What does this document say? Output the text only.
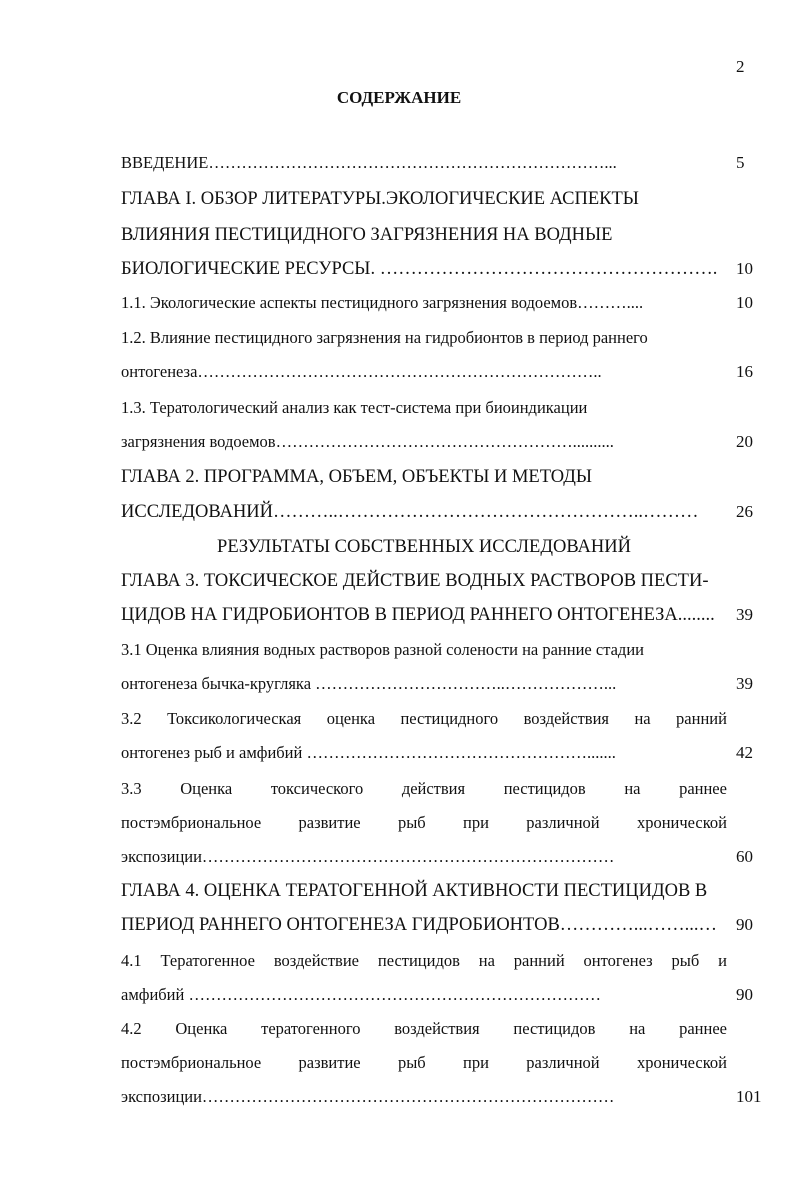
2
СОДЕРЖАНИЕ
ВВЕДЕНИЕ………………………………………………………………...	5
ГЛАВА I. ОБЗОР ЛИТЕРАТУРЫ.ЭКОЛОГИЧЕСКИЕ АСПЕКТЫ
ВЛИЯНИЯ ПЕСТИЦИДНОГО ЗАГРЯЗНЕНИЯ НА ВОДНЫЕ
БИОЛОГИЧЕСКИЕ РЕСУРСЫ. ……………………………………………….	10
1.1. Экологические аспекты пестицидного загрязнения водоемов………....	10
1.2. Влияние пестицидного загрязнения на гидробионтов в период раннего
онтогенеза………………………………………………………………..	16
1.3. Тератологический анализ как тест-система при биоиндикации
загрязнения водоемов………………………………………………..........	20
ГЛАВА 2. ПРОГРАММА, ОБЪЕМ, ОБЪЕКТЫ И МЕТОДЫ
ИССЛЕДОВАНИЙ………..…………………………………………..………	26
РЕЗУЛЬТАТЫ СОБСТВЕННЫХ ИССЛЕДОВАНИЙ
ГЛАВА 3. ТОКСИЧЕСКОЕ ДЕЙСТВИЕ ВОДНЫХ РАСТВОРОВ ПЕСТИ-
ЦИДОВ НА ГИДРОБИОНТОВ В ПЕРИОД РАННЕГО ОНТОГЕНЕЗА........	39
3.1 Оценка влияния водных растворов разной солености на ранние стадии
онтогенеза бычка-кругляка ……………………………..………………...	39
3.2 Токсикологическая оценка пестицидного воздействия на ранний
онтогенез рыб и амфибий …………………………………………….......	42
3.3 Оценка токсического действия пестицидов на раннее
постэмбриональное развитие рыб при различной хронической
экспозиции…………………………………………………………………	60
ГЛАВА 4. ОЦЕНКА ТЕРАТОГЕННОЙ АКТИВНОСТИ ПЕСТИЦИДОВ В
ПЕРИОД РАННЕГО ОНТОГЕНЕЗА ГИДРОБИОНТОВ…………...……...…	90
4.1 Тератогенное воздействие пестицидов на ранний онтогенез рыб и
амфибий …………………………………………………………………	90
4.2 Оценка тератогенного воздействия пестицидов на раннее
постэмбриональное развитие рыб при различной хронической
экспозиции…………………………………………………………………	101
